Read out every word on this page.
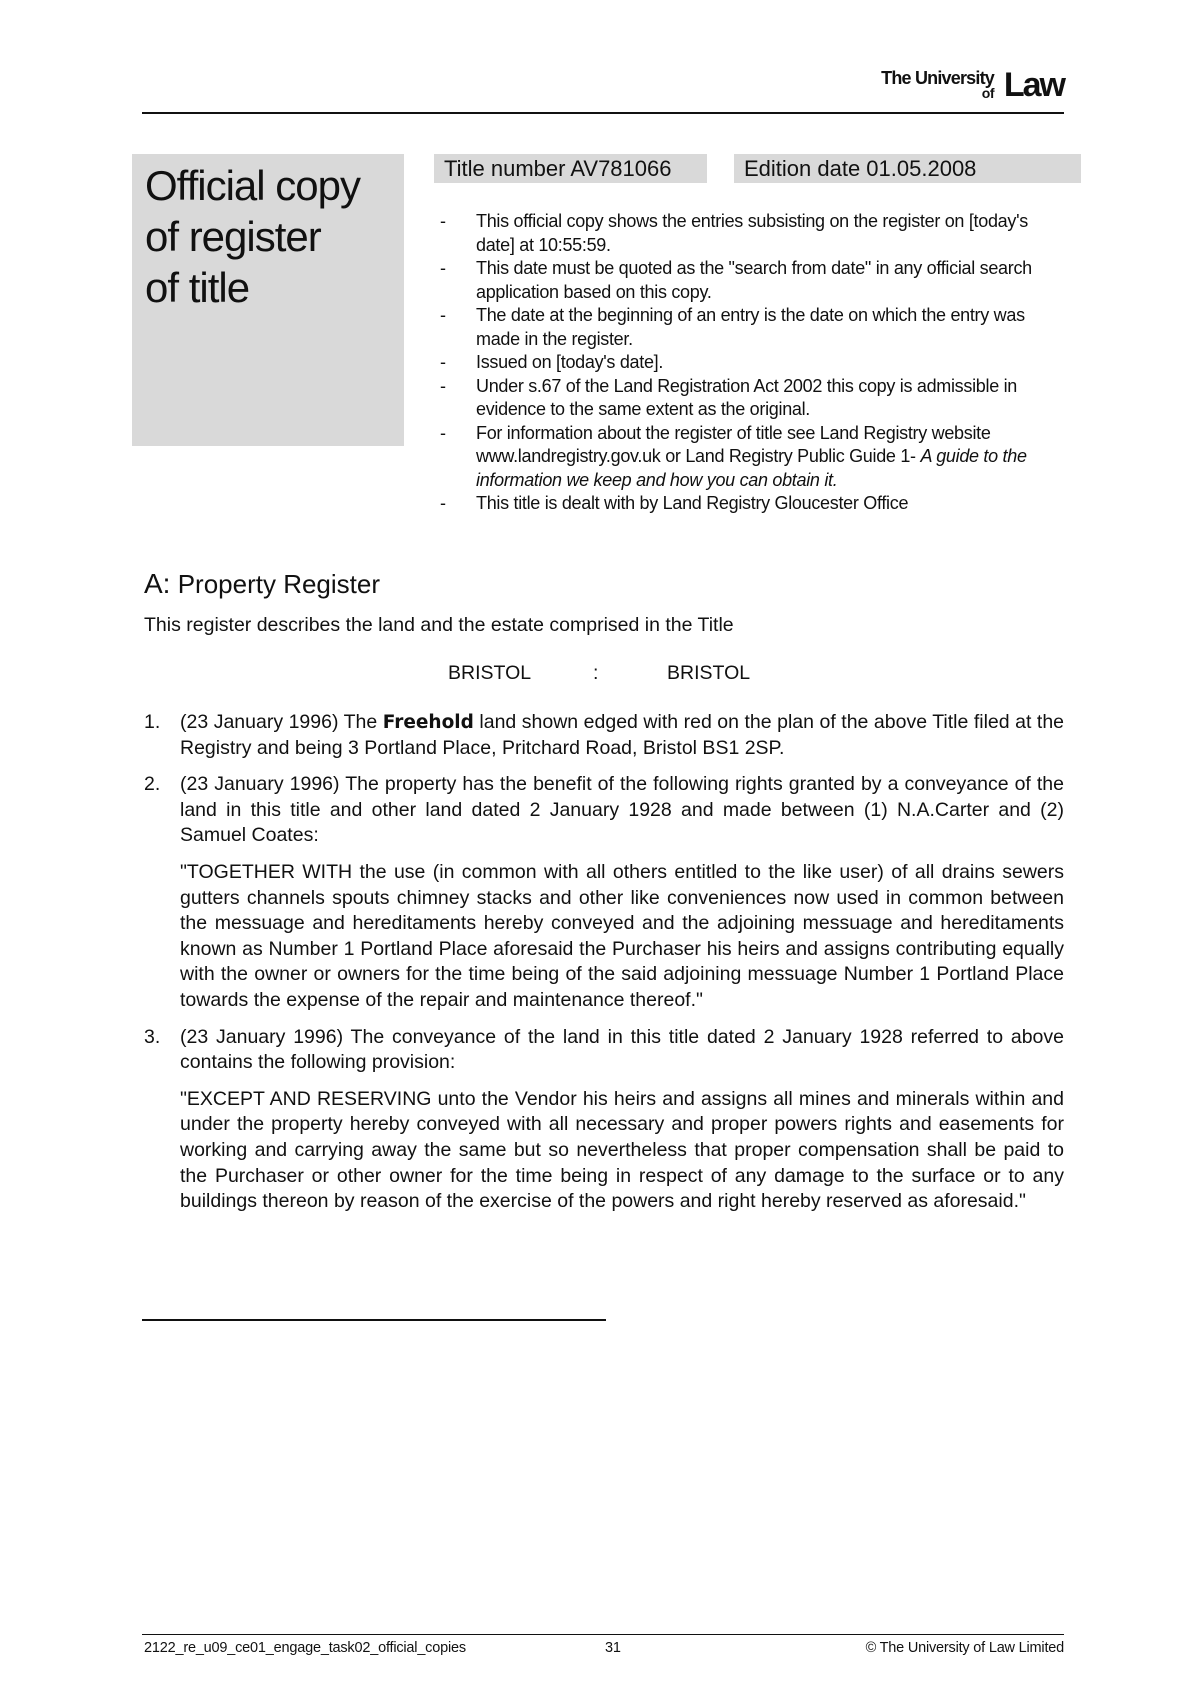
The University
of Law
Official copy
of register
of title
Title number AV781066	Edition date 01.05.2008
- This official copy shows the entries subsisting on the register on [today's date] at 10:55:59.
- This date must be quoted as the "search from date" in any official search application based on this copy.
- The date at the beginning of an entry is the date on which the entry was made in the register.
- Issued on [today's date].
- Under s.67 of the Land Registration Act 2002 this copy is admissible in evidence to the same extent as the original.
- For information about the register of title see Land Registry website www.landregistry.gov.uk or Land Registry Public Guide 1- A guide to the information we keep and how you can obtain it.
- This title is dealt with by Land Registry Gloucester Office
A: Property Register
This register describes the land and the estate comprised in the Title
BRISTOL	:	BRISTOL
1. (23 January 1996) The Freehold land shown edged with red on the plan of the above Title filed at the Registry and being 3 Portland Place, Pritchard Road, Bristol BS1 2SP.
2. (23 January 1996) The property has the benefit of the following rights granted by a conveyance of the land in this title and other land dated 2 January 1928 and made between (1) N.A.Carter and (2) Samuel Coates:
"TOGETHER WITH the use (in common with all others entitled to the like user) of all drains sewers gutters channels spouts chimney stacks and other like conveniences now used in common between the messuage and hereditaments hereby conveyed and the adjoining messuage and hereditaments known as Number 1 Portland Place aforesaid the Purchaser his heirs and assigns contributing equally with the owner or owners for the time being of the said adjoining messuage Number 1 Portland Place towards the expense of the repair and maintenance thereof."
3. (23 January 1996) The conveyance of the land in this title dated 2 January 1928 referred to above contains the following provision:
"EXCEPT AND RESERVING unto the Vendor his heirs and assigns all mines and minerals within and under the property hereby conveyed with all necessary and proper powers rights and easements for working and carrying away the same but so nevertheless that proper compensation shall be paid to the Purchaser or other owner for the time being in respect of any damage to the surface or to any buildings thereon by reason of the exercise of the powers and right hereby reserved as aforesaid."
2122_re_u09_ce01_engage_task02_official_copies	31	© The University of Law Limited
